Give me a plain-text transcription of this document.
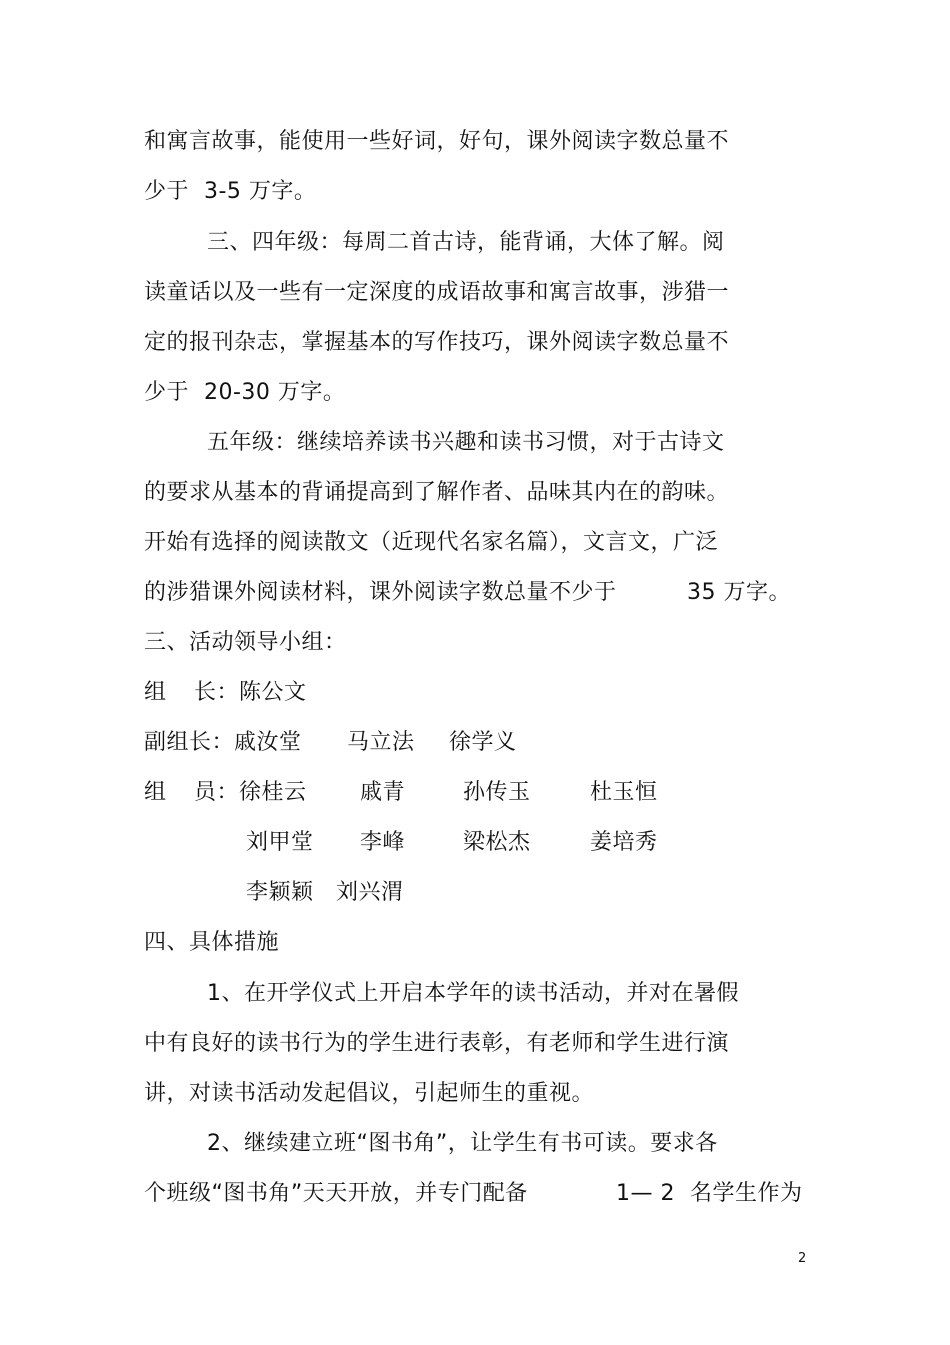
和寓言故事，能使用一些好词，好句，课外阅读字数总量不
少于  3-5 万字。
三、四年级：每周二首古诗，能背诵，大体了解。阅
读童话以及一些有一定深度的成语故事和寓言故事，涉猎一
定的报刊杂志，掌握基本的写作技巧，课外阅读字数总量不
少于  20-30 万字。
五年级：继续培养读书兴趣和读书习惯，对于古诗文
的要求从基本的背诵提高到了解作者、品味其内在的韵味。
开始有选择的阅读散文（近现代名家名篇），文言文，广泛
的涉猎课外阅读材料，课外阅读字数总量不少于	35 万字。
三、活动领导小组：
组 长：陈公文
副组长：戚汝堂 马立法 徐学义
组 员：徐桂云 戚青	孙传玉	杜玉恒
刘甲堂 李峰	梁松杰	姜培秀
李颖颖 刘兴渭
四、具体措施
1、在开学仪式上开启本学年的读书活动，并对在暑假
中有良好的读书行为的学生进行表彰，有老师和学生进行演
讲，对读书活动发起倡议，引起师生的重视。
2、继续建立班“图书角”，让学生有书可读。要求各
个班级“图书角”天天开放，并专门配备	1— 2  名学生作为
2
